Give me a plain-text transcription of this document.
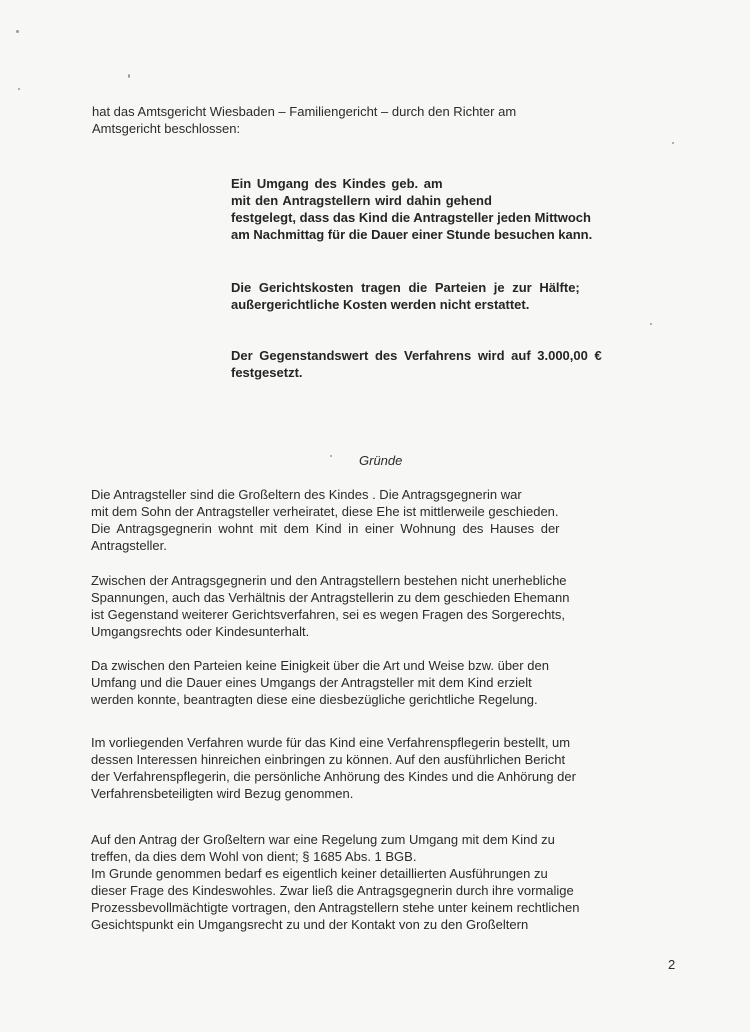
hat das Amtsgericht Wiesbaden – Familiengericht – durch den Richter am
Amtsgericht beschlossen:
Ein Umgang des Kindes geb. am
mit den Antragstellern wird dahin gehend
festgelegt, dass das Kind die Antragsteller jeden Mittwoch
am Nachmittag für die Dauer einer Stunde besuchen kann.
Die Gerichtskosten tragen die Parteien je zur Hälfte;
außergerichtliche Kosten werden nicht erstattet.
Der Gegenstandswert des Verfahrens wird auf 3.000,00 €
festgesetzt.
Gründe
Die Antragsteller sind die Großeltern des Kindes . Die Antragsgegnerin war
mit dem Sohn der Antragsteller verheiratet, diese Ehe ist mittlerweile geschieden.
Die Antragsgegnerin wohnt mit dem Kind in einer Wohnung des Hauses der
Antragsteller.
Zwischen der Antragsgegnerin und den Antragstellern bestehen nicht unerhebliche
Spannungen, auch das Verhältnis der Antragstellerin zu dem geschieden Ehemann
ist Gegenstand weiterer Gerichtsverfahren, sei es wegen Fragen des Sorgerechts,
Umgangsrechts oder Kindesunterhalt.
Da zwischen den Parteien keine Einigkeit über die Art und Weise bzw. über den
Umfang und die Dauer eines Umgangs der Antragsteller mit dem Kind erzielt
werden konnte, beantragten diese eine diesbezügliche gerichtliche Regelung.
Im vorliegenden Verfahren wurde für das Kind eine Verfahrenspflegerin bestellt, um
dessen Interessen hinreichen einbringen zu können. Auf den ausführlichen Bericht
der Verfahrenspflegerin, die persönliche Anhörung des Kindes und die Anhörung der
Verfahrensbeteiligten wird Bezug genommen.
Auf den Antrag der Großeltern war eine Regelung zum Umgang mit dem Kind zu
treffen, da dies dem Wohl von dient; § 1685 Abs. 1 BGB.
Im Grunde genommen bedarf es eigentlich keiner detaillierten Ausführungen zu
dieser Frage des Kindeswohles. Zwar ließ die Antragsgegnerin durch ihre vormalige
Prozessbevollmächtigte vortragen, den Antragstellern stehe unter keinem rechtlichen
Gesichtspunkt ein Umgangsrecht zu und der Kontakt von zu den Großeltern
2
